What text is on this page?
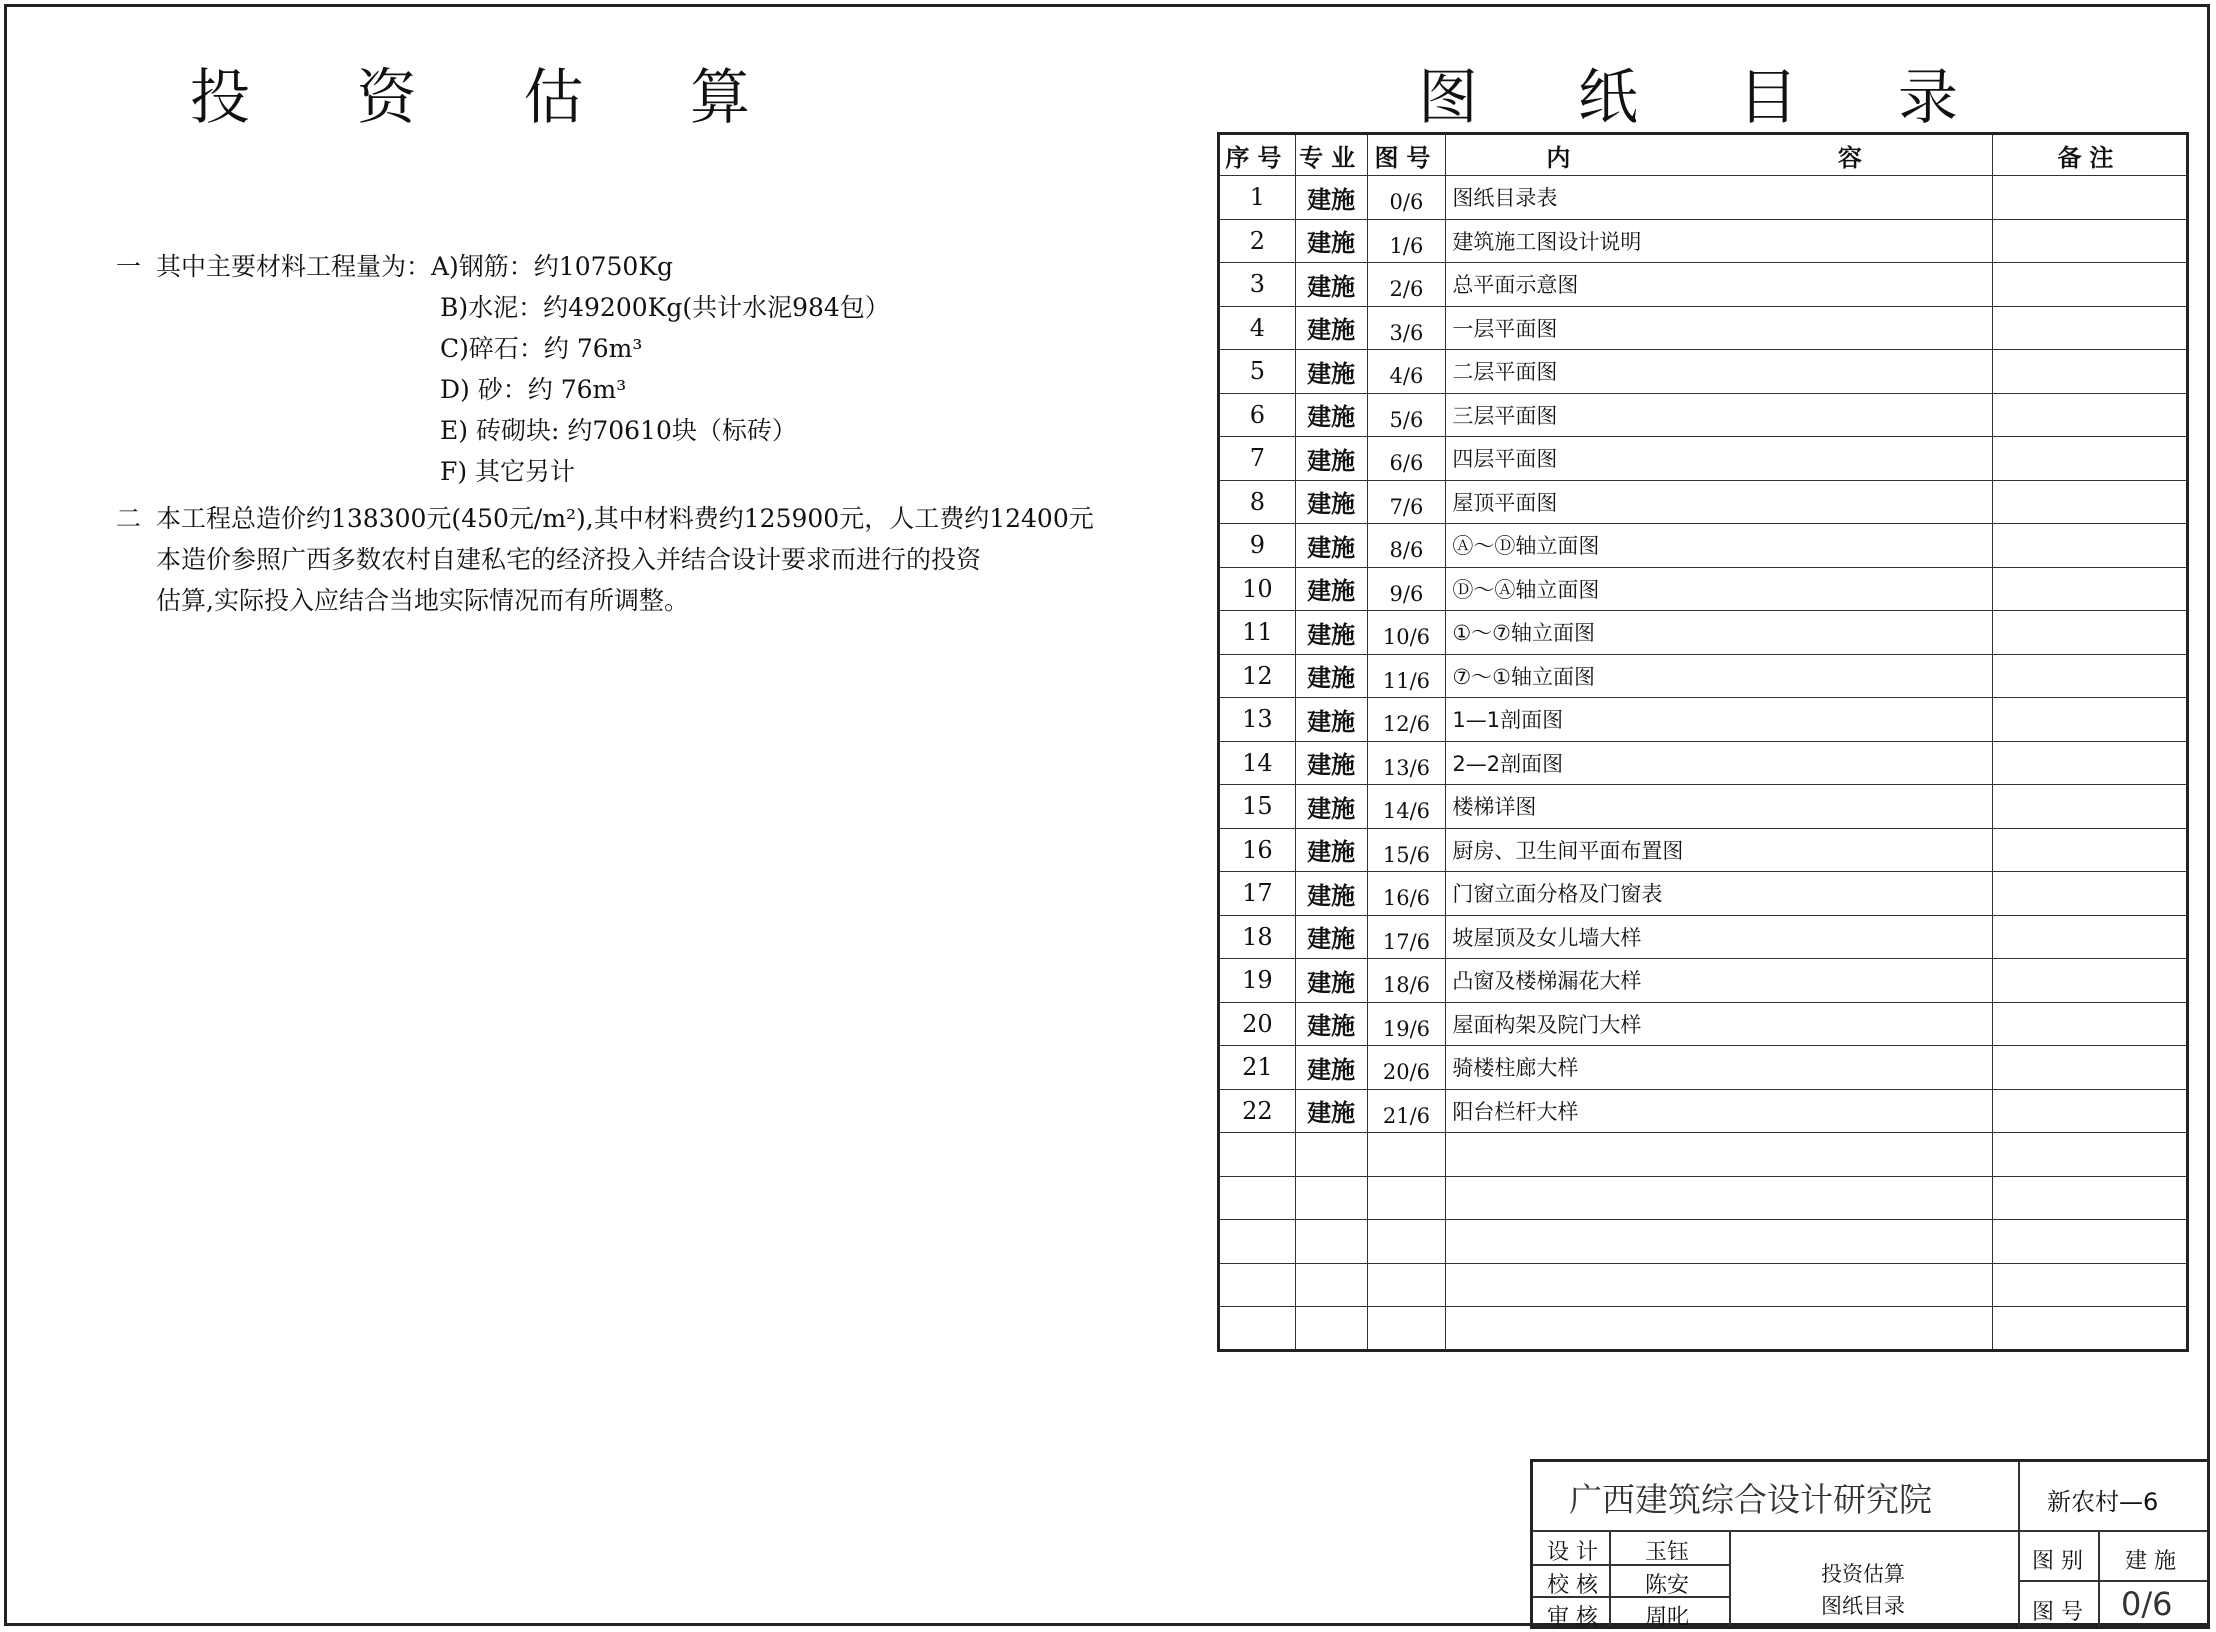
投 资 估 算	图 纸 目 录
一 其中主要材料工程量为：A)钢筋：约10750Kg
B)水泥：约49200Kg(共计水泥984包）
C)碎石：约 76m³
D) 砂：约 76m³
E) 砖砌块: 约70610块（标砖）
F) 其它另计
二 本工程总造价约138300元(450元/m²),其中材料费约125900元，人工费约12400元
本造价参照广西多数农村自建私宅的经济投入并结合设计要求而进行的投资
估算,实际投入应结合当地实际情况而有所调整。
序号	专业	图号	内 容	备注
1	建施	0/6	图纸目录表	
2	建施	1/6	建筑施工图设计说明	
3	建施	2/6	总平面示意图	
4	建施	3/6	一层平面图	
5	建施	4/6	二层平面图	
6	建施	5/6	三层平面图	
7	建施	6/6	四层平面图	
8	建施	7/6	屋顶平面图	
9	建施	8/6	Ⓐ～Ⓓ轴立面图	
10	建施	9/6	Ⓓ～Ⓐ轴立面图	
11	建施	10/6	①～⑦轴立面图	
12	建施	11/6	⑦～①轴立面图	
13	建施	12/6	1—1剖面图	
14	建施	13/6	2—2剖面图	
15	建施	14/6	楼梯详图	
16	建施	15/6	厨房、卫生间平面布置图	
17	建施	16/6	门窗立面分格及门窗表	
18	建施	17/6	坡屋顶及女儿墙大样	
19	建施	18/6	凸窗及楼梯漏花大样	
20	建施	19/6	屋面构架及院门大样	
21	建施	20/6	骑楼柱廊大样	
22	建施	21/6	阳台栏杆大样	

广西建筑综合设计研究院	新农村—6
设 计 玉钰
校 核 陈安
审 核 周叱
投资估算
图纸目录
图 别 建 施
图 号 0/6
